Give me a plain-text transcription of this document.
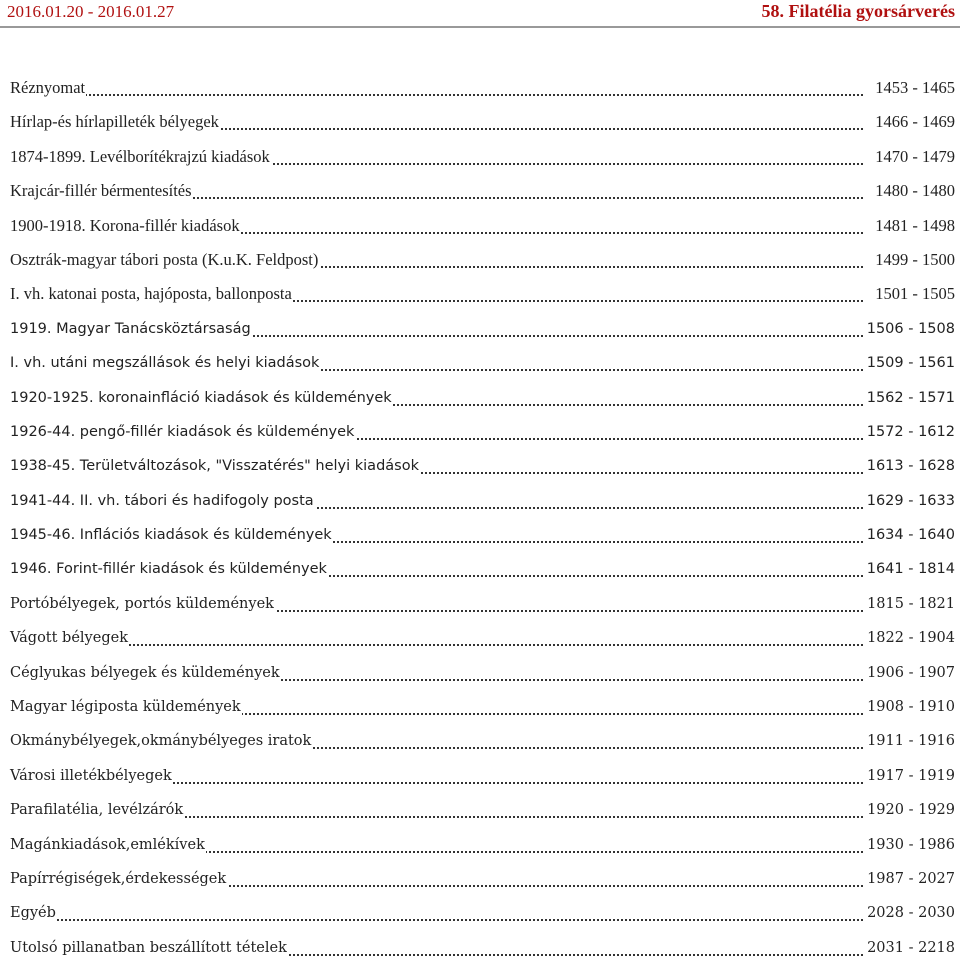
2016.01.20 - 2016.01.27	58. Filatélia gyorsárverés
Réznyomat	1453 - 1465
Hírlap-és hírlapilleték bélyegek	1466 - 1469
1874-1899. Levélborítékrajzú kiadások	1470 - 1479
Krajcár-fillér bérmentesítés	1480 - 1480
1900-1918. Korona-fillér kiadások	1481 - 1498
Osztrák-magyar tábori posta (K.u.K. Feldpost)	1499 - 1500
I. vh. katonai posta, hajóposta, ballonposta	1501 - 1505
1919. Magyar Tanácsköztársaság	1506 - 1508
I. vh. utáni megszállások és helyi kiadások	1509 - 1561
1920-1925. koronainfláció kiadások és küldemények	1562 - 1571
1926-44. pengő-fillér kiadások és küldemények	1572 - 1612
1938-45. Területváltozások, "Visszatérés" helyi kiadások	1613 - 1628
1941-44. II. vh. tábori és hadifogoly posta	1629 - 1633
1945-46. Inflációs kiadások és küldemények	1634 - 1640
1946. Forint-fillér kiadások és küldemények	1641 - 1814
Portóbélyegek, portós küldemények	1815 - 1821
Vágott bélyegek	1822 - 1904
Céglyukas bélyegek és küldemények	1906 - 1907
Magyar légiposta küldemények	1908 - 1910
Okmánybélyegek,okmánybélyeges iratok	1911 - 1916
Városi illetékbélyegek	1917 - 1919
Parafilatélia, levélzárók	1920 - 1929
Magánkiadások,emlékívek	1930 - 1986
Papírrégiségek,érdekességek	1987 - 2027
Egyéb	2028 - 2030
Utolsó pillanatban beszállított tételek	2031 - 2218
